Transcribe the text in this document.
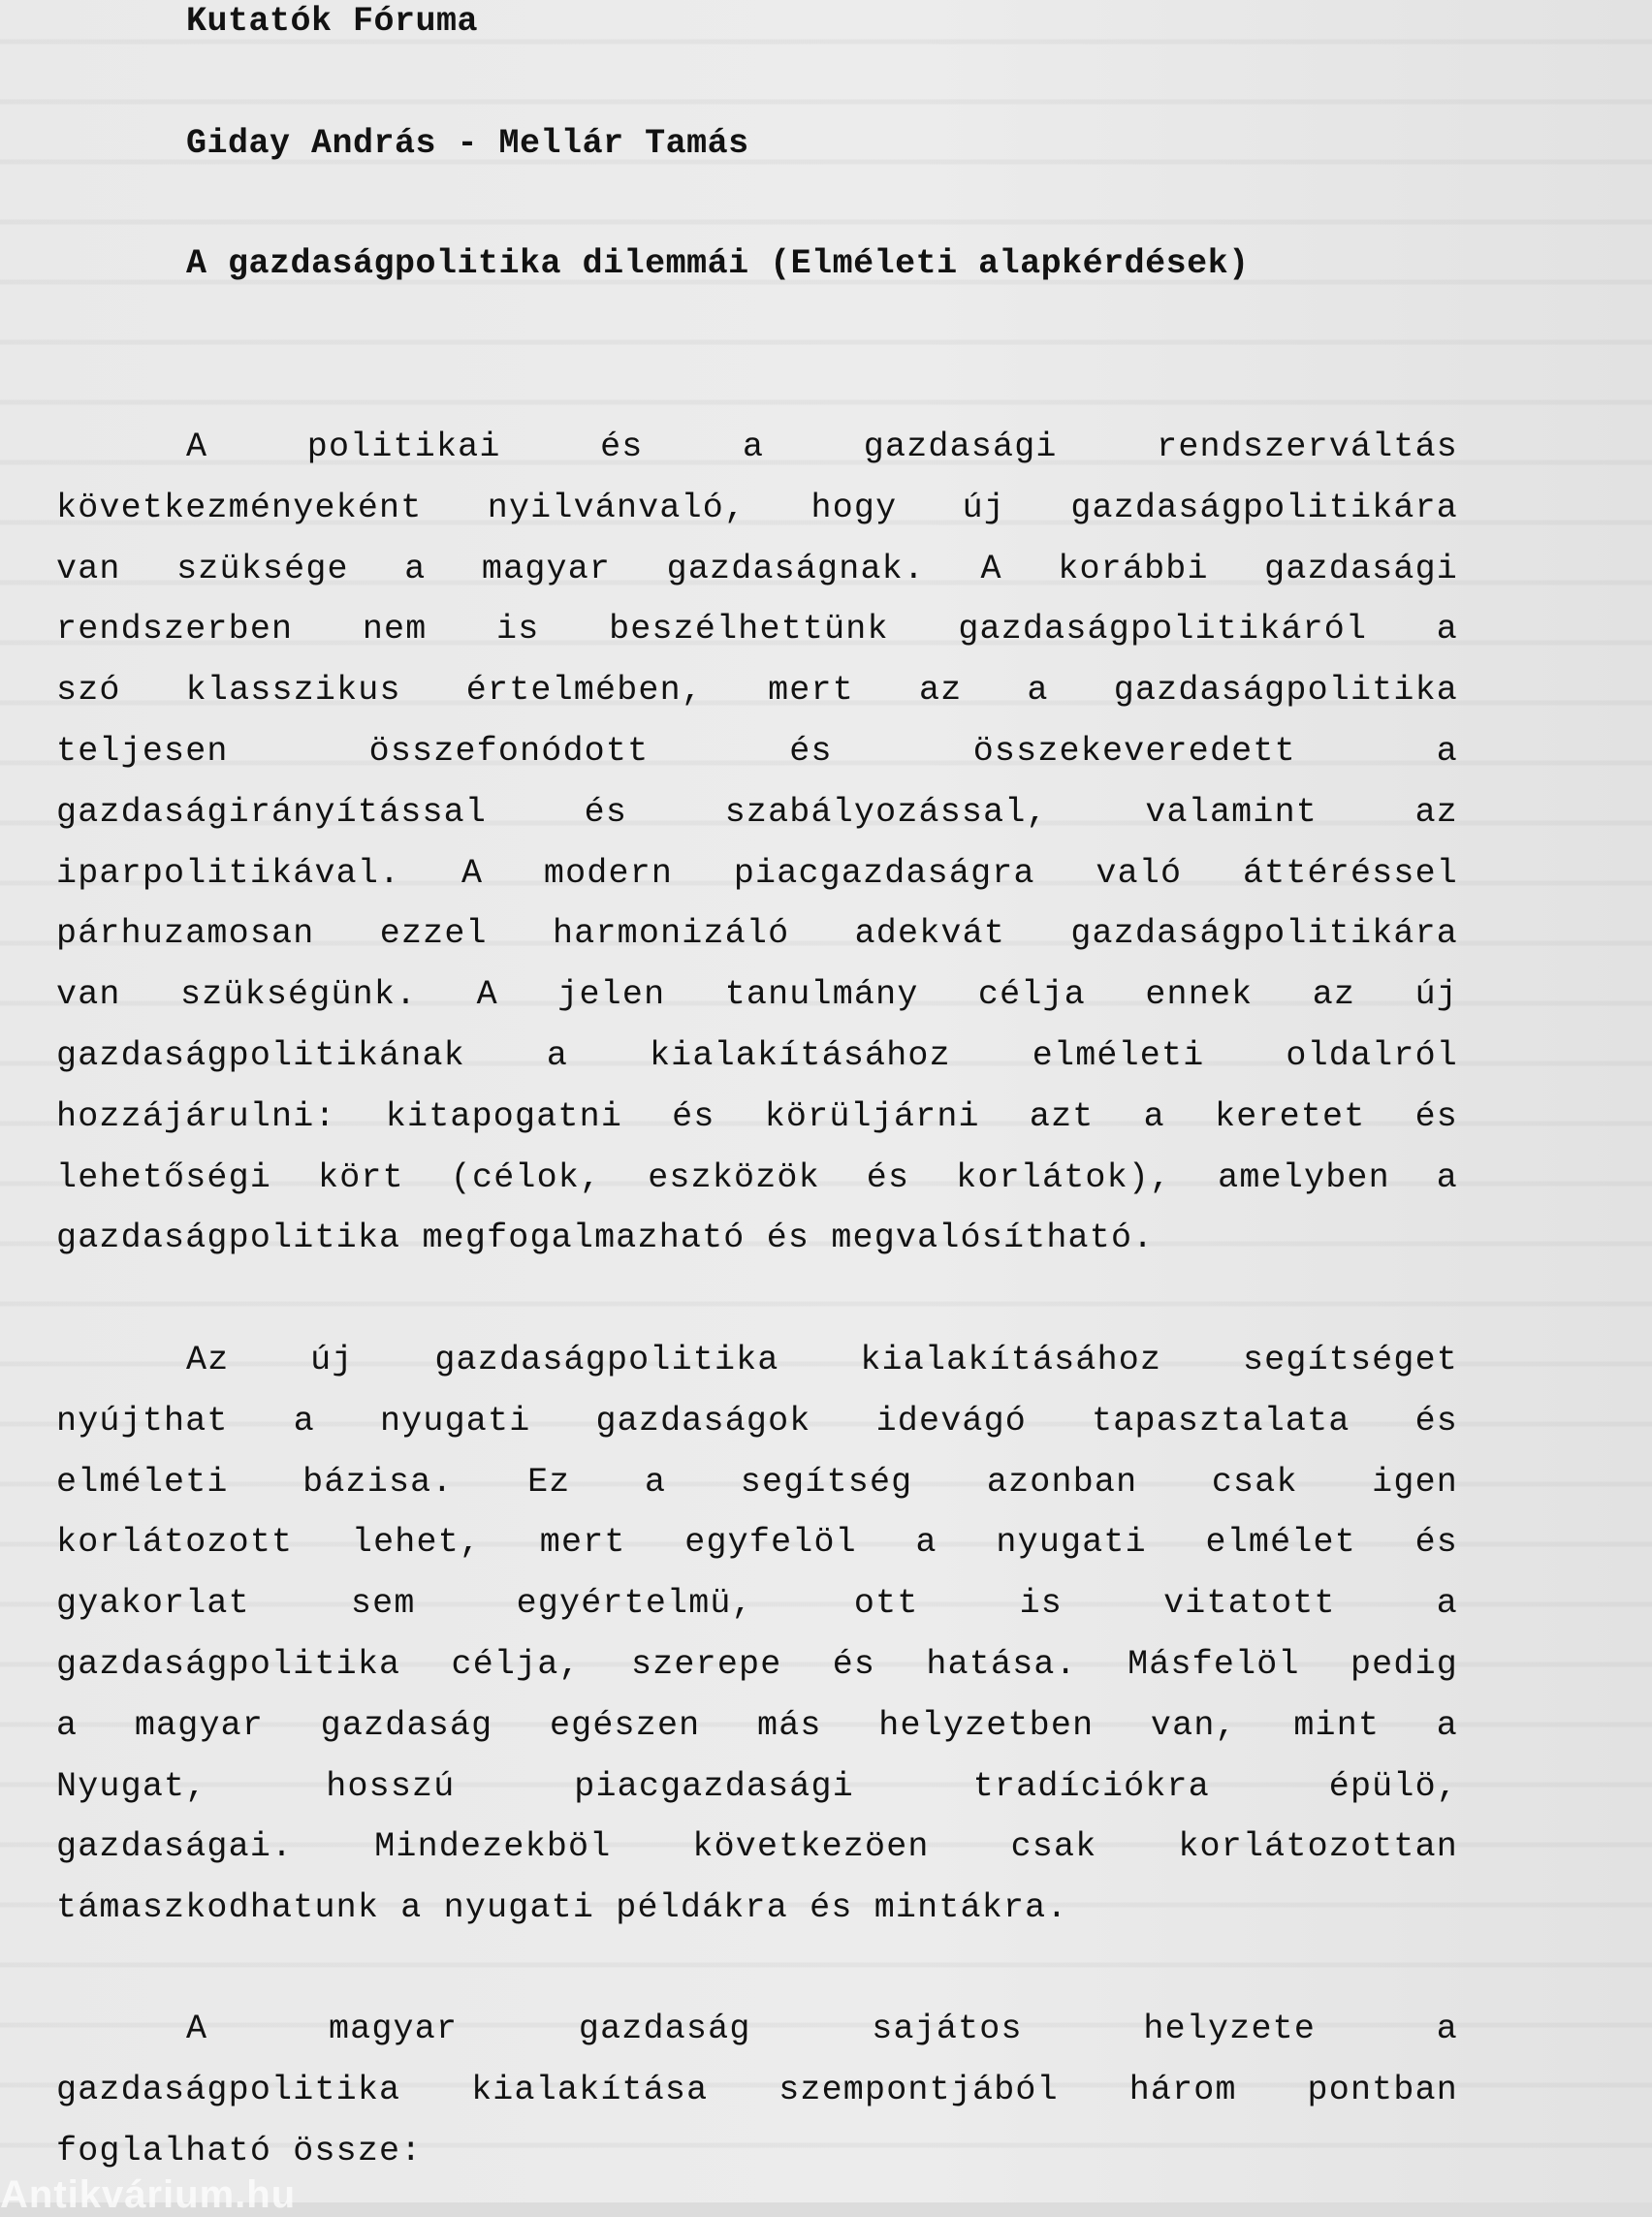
Kutatók Fóruma
Giday András - Mellár Tamás
A gazdaságpolitika dilemmái (Elméleti alapkérdések)
A politikai és a gazdasági rendszerváltás
következményeként nyilvánvaló, hogy új gazdaságpolitikára
van szüksége a magyar gazdaságnak. A korábbi gazdasági
rendszerben nem is beszélhettünk gazdaságpolitikáról a
szó klasszikus értelmében, mert az a gazdaságpolitika
teljesen összefonódott és összekeveredett a
gazdaságirányítással és szabályozással, valamint az
iparpolitikával. A modern piacgazdaságra való áttéréssel
párhuzamosan ezzel harmonizáló adekvát gazdaságpolitikára
van szükségünk. A jelen tanulmány célja ennek az új
gazdaságpolitikának a kialakításához elméleti oldalról
hozzájárulni: kitapogatni és körüljárni azt a keretet és
lehetőségi kört (célok, eszközök és korlátok), amelyben a
gazdaságpolitika megfogalmazható és megvalósítható.
Az új gazdaságpolitika kialakításához segítséget
nyújthat a nyugati gazdaságok idevágó tapasztalata és
elméleti bázisa. Ez a segítség azonban csak igen
korlátozott lehet, mert egyfelöl a nyugati elmélet és
gyakorlat sem egyértelmü, ott is vitatott a
gazdaságpolitika célja, szerepe és hatása. Másfelöl pedig
a magyar gazdaság egészen más helyzetben van, mint a
Nyugat, hosszú piacgazdasági tradíciókra épülö,
gazdaságai. Mindezekböl következöen csak korlátozottan
támaszkodhatunk a nyugati példákra és mintákra.
A magyar gazdaság sajátos helyzete a
gazdaságpolitika kialakítása szempontjából három pontban
foglalható össze:
Antikvárium.hu
